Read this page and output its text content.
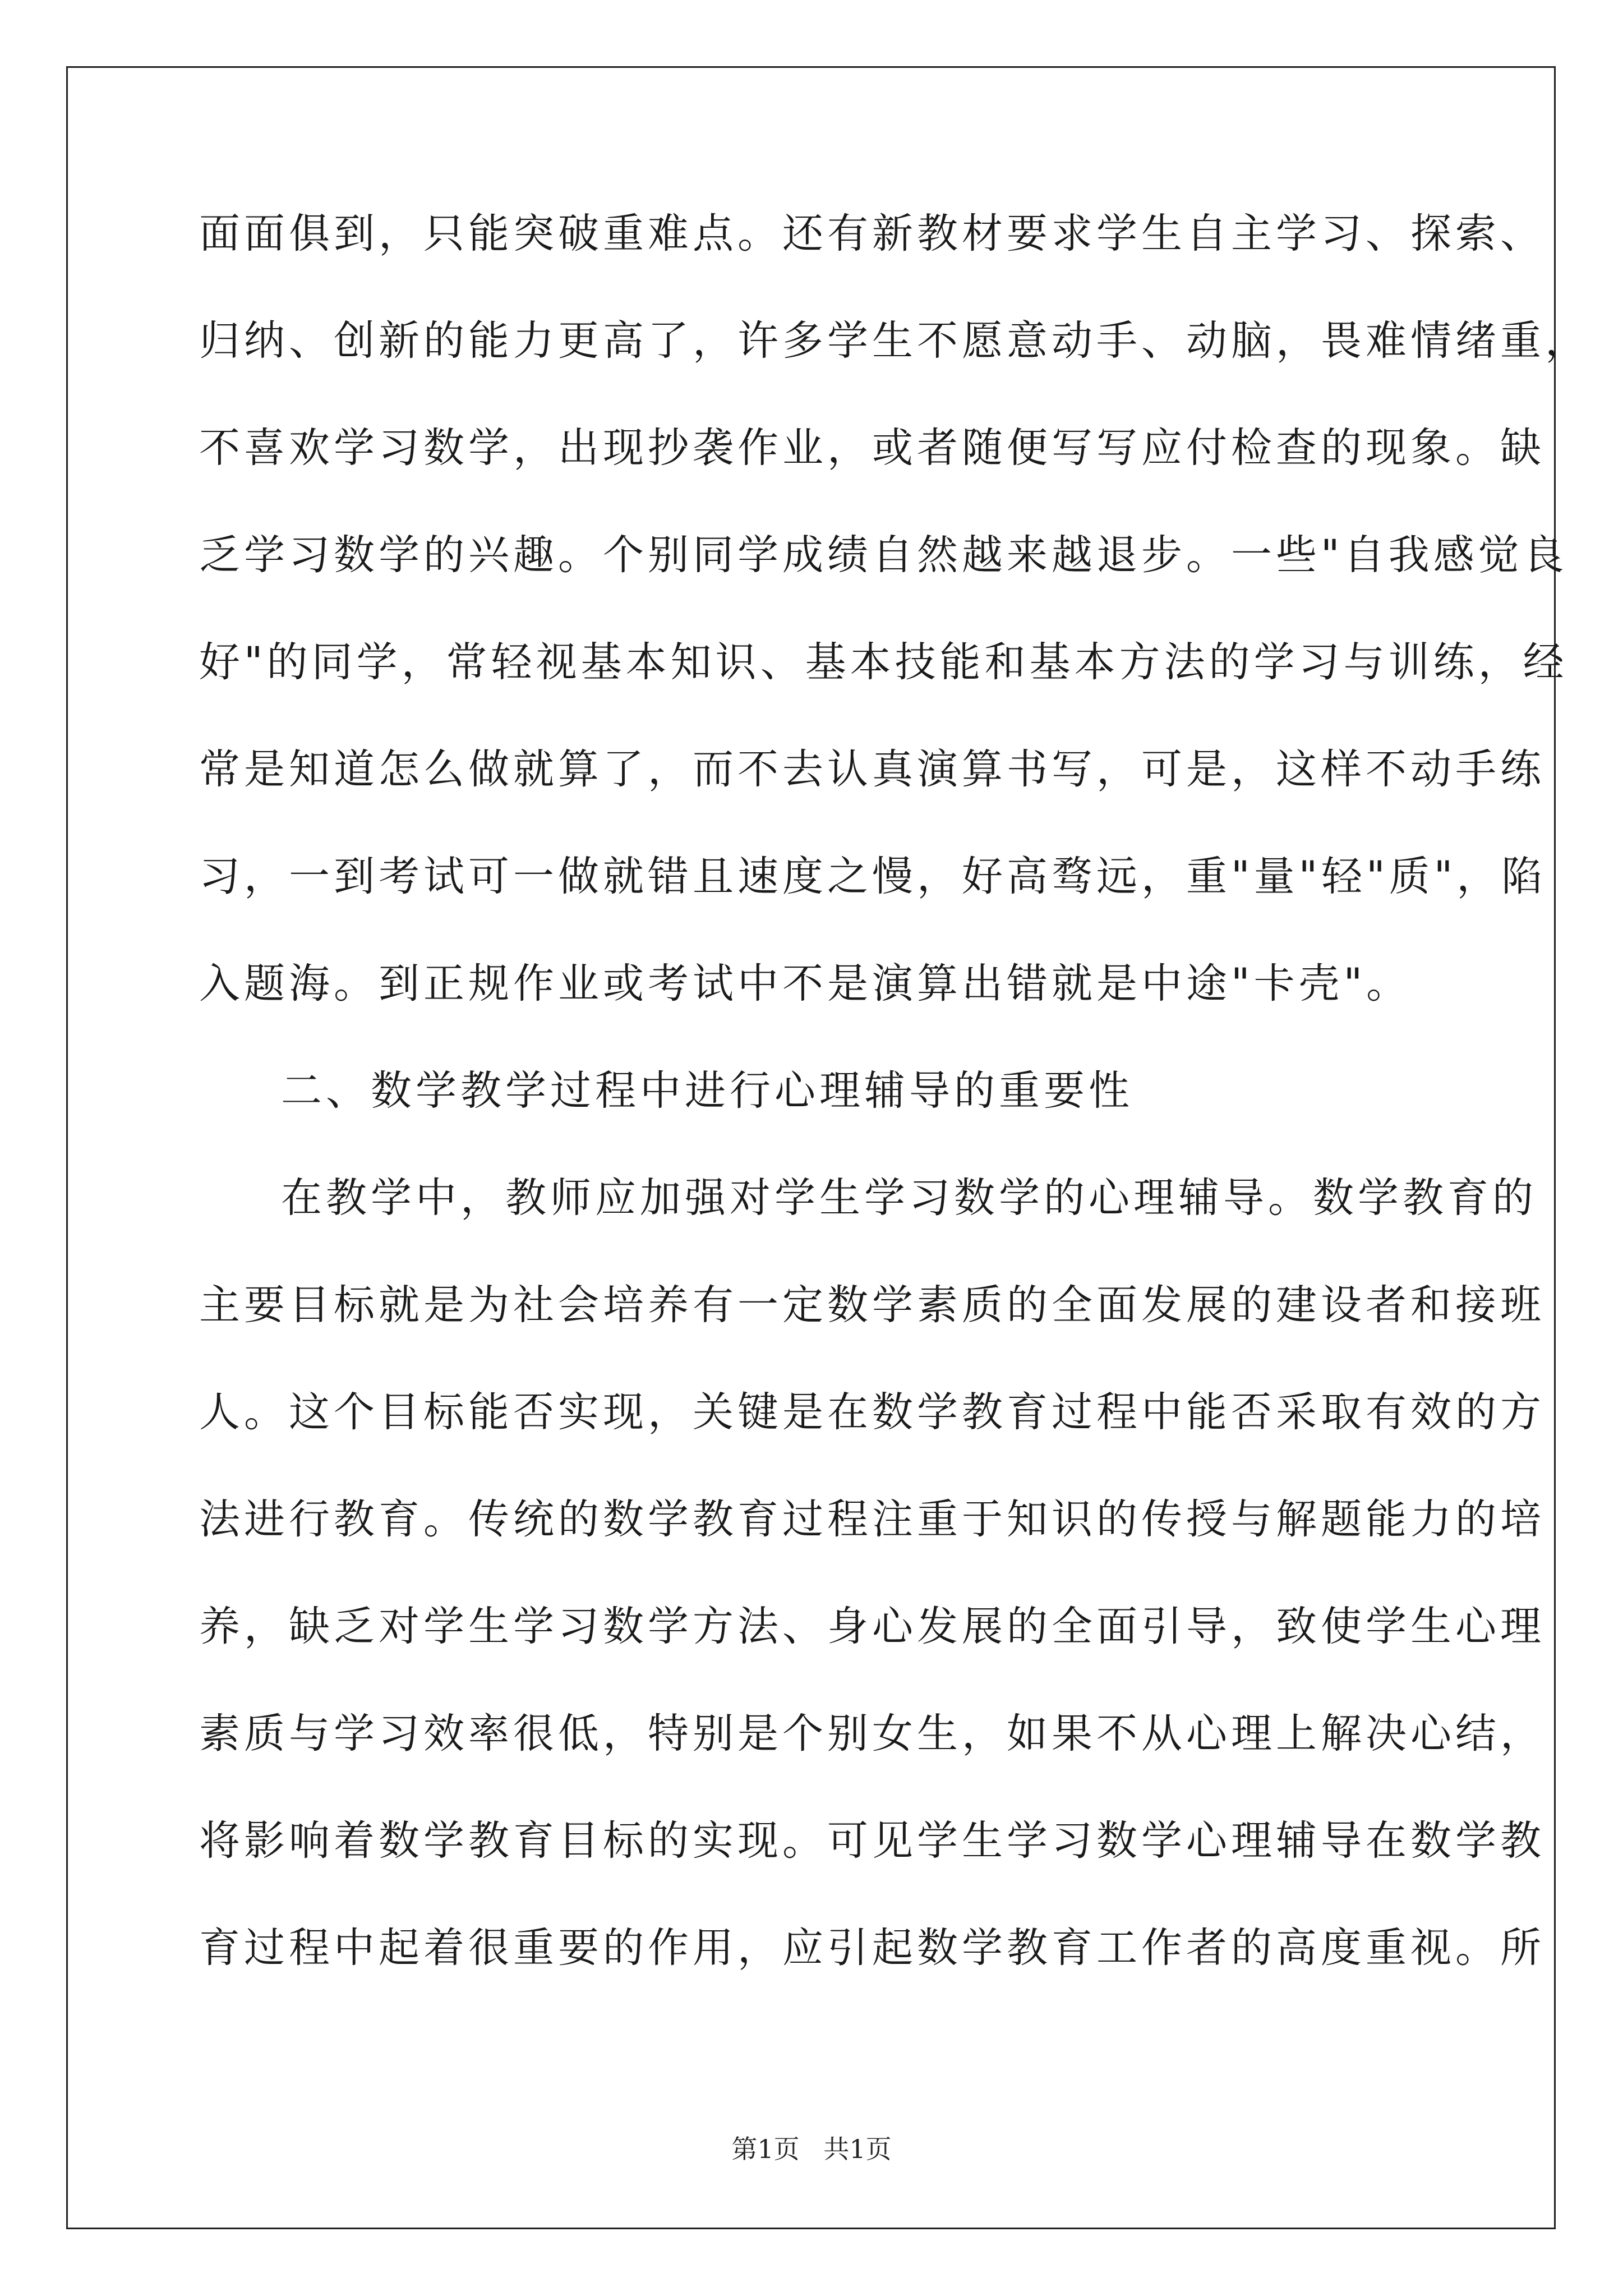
面面俱到，只能突破重难点。还有新教材要求学生自主学习、探索、
归纳、创新的能力更高了，许多学生不愿意动手、动脑，畏难情绪重，
不喜欢学习数学，出现抄袭作业，或者随便写写应付检查的现象。缺
乏学习数学的兴趣。个别同学成绩自然越来越退步。一些"自我感觉良
好"的同学，常轻视基本知识、基本技能和基本方法的学习与训练，经
常是知道怎么做就算了，而不去认真演算书写，可是，这样不动手练
习，一到考试可一做就错且速度之慢，好高骛远，重"量"轻"质"，陷
入题海。到正规作业或考试中不是演算出错就是中途"卡壳"。
二、数学教学过程中进行心理辅导的重要性
在教学中，教师应加强对学生学习数学的心理辅导。数学教育的
主要目标就是为社会培养有一定数学素质的全面发展的建设者和接班
人。这个目标能否实现，关键是在数学教育过程中能否采取有效的方
法进行教育。传统的数学教育过程注重于知识的传授与解题能力的培
养，缺乏对学生学习数学方法、身心发展的全面引导，致使学生心理
素质与学习效率很低，特别是个别女生，如果不从心理上解决心结，
将影响着数学教育目标的实现。可见学生学习数学心理辅导在数学教
育过程中起着很重要的作用，应引起数学教育工作者的高度重视。所
第1页 共1页
